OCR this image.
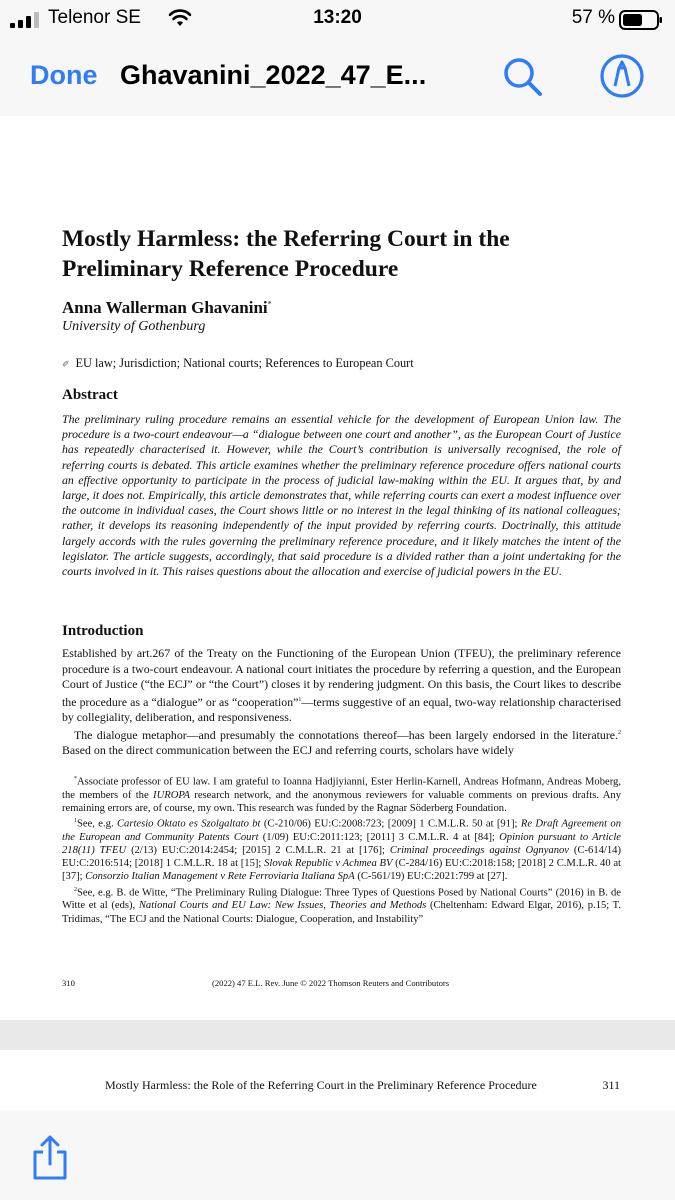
Telenor SE	13:20	57 %
Done Ghavanini_2022_47_E...
Mostly Harmless: the Referring Court in the Preliminary Reference Procedure
Anna Wallerman Ghavanini*
University of Gothenburg
✐ EU law; Jurisdiction; National courts; References to European Court
Abstract
The preliminary ruling procedure remains an essential vehicle for the development of European Union law. The procedure is a two-court endeavour—a “dialogue between one court and another”, as the European Court of Justice has repeatedly characterised it. However, while the Court’s contribution is universally recognised, the role of referring courts is debated. This article examines whether the preliminary reference procedure offers national courts an effective opportunity to participate in the process of judicial law-making within the EU. It argues that, by and large, it does not. Empirically, this article demonstrates that, while referring courts can exert a modest influence over the outcome in individual cases, the Court shows little or no interest in the legal thinking of its national colleagues; rather, it develops its reasoning independently of the input provided by referring courts. Doctrinally, this attitude largely accords with the rules governing the preliminary reference procedure, and it likely matches the intent of the legislator. The article suggests, accordingly, that said procedure is a divided rather than a joint undertaking for the courts involved in it. This raises questions about the allocation and exercise of judicial powers in the EU.
Introduction

Established by art.267 of the Treaty on the Functioning of the European Union (TFEU), the preliminary reference procedure is a two-court endeavour. A national court initiates the procedure by referring a question, and the European Court of Justice (“the ECJ” or “the Court”) closes it by rendering judgment. On this basis, the Court likes to describe the procedure as a “dialogue” or as “cooperation”$^1$—terms suggestive of an equal, two-way relationship characterised by collegiality, deliberation, and responsiveness.

The dialogue metaphor—and presumably the connotations thereof—has been largely endorsed in the literature.$^2$ Based on the direct communication between the ECJ and referring courts, scholars have widely

*Associate professor of EU law. I am grateful to Ioanna Hadjiyianni, Ester Herlin-Karnell, Andreas Hofmann, Andreas Moberg, the members of the IUROPA research network, and the anonymous reviewers for valuable comments on previous drafts. Any remaining errors are, of course, my own. This research was funded by the Ragnar Söderberg Foundation.

$^1$See, e.g. Cartesio Oktato es Szolgaltato bt (C-210/06) EU:C:2008:723; [2009] 1 C.M.L.R. 50 at [91]; Re Draft Agreement on the European and Community Patents Court (1/09) EU:C:2011:123; [2011] 3 C.M.L.R. 4 at [84]; Opinion pursuant to Article 218(11) TFEU (2/13) EU:C:2014:2454; [2015] 2 C.M.L.R. 21 at [176]; Criminal proceedings against Ognyanov (C-614/14) EU:C:2016:514; [2018] 1 C.M.L.R. 18 at [15]; Slovak Republic v Achmea BV (C-284/16) EU:C:2018:158; [2018] 2 C.M.L.R. 40 at [37]; Consorzio Italian Management v Rete Ferroviaria Italiana SpA (C-561/19) EU:C:2021:799 at [27].

$^2$See, e.g. B. de Witte, “The Preliminary Ruling Dialogue: Three Types of Questions Posed by National Courts” (2016) in B. de Witte et al (eds), National Courts and EU Law: New Issues, Theories and Methods (Cheltenham: Edward Elgar, 2016), p.15; T. Tridimas, “The ECJ and the National Courts: Dialogue, Cooperation, and Instability”

310	(2022) 47 E.L. Rev. June © 2022 Thomson Reuters and Contributors
Mostly Harmless: the Role of the Referring Court in the Preliminary Reference Procedure	311
